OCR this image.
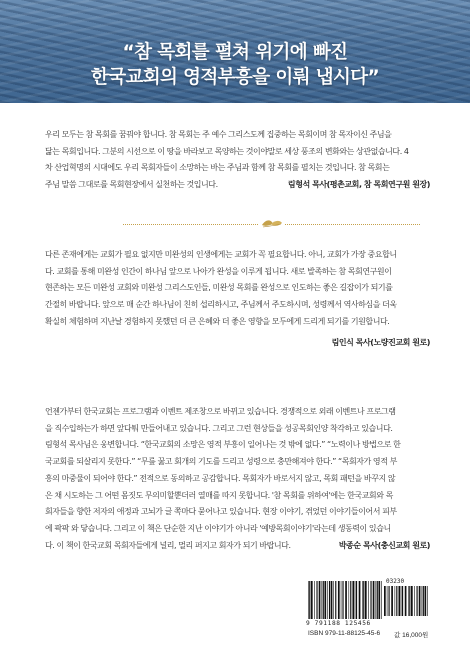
“참 목회를 펼쳐 위기에 빠진
한국교회의 영적부흥을 이뤄 냅시다”
우리 모두는 참 목회를 꿈꿔야 합니다. 참 목회는 주 예수 그리스도께 집중하는 목회이며 참 목자이신 주님을
닮는 목회입니다. 그분의 시선으로 이 땅을 바라보고 목양하는 것이야말로 세상 풍조의 변화와는 상관없습니다. 4
차 산업혁명의 시대에도 우리 목회자들이 소망하는 바는 주님과 함께 참 목회를 펼치는 것입니다. 참 목회는
주님 말씀 그대로를 목회현장에서 실천하는 것입니다.	림형석 목사(평촌교회, 참 목회연구원 원장)
다른 존재에게는 교회가 필요 없지만 미완성의 인생에게는 교회가 꼭 필요합니다. 아니, 교회가 가장 중요합니
다. 교회를 통해 미완성 인간이 하나님 앞으로 나아가 완성을 이루게 됩니다. 새로 발족하는 참 목회연구원이
현존하는 모든 미완성 교회와 미완성 그리스도인들, 미완성 목회를 완성으로 인도하는 좋은 길잡이가 되기를
간절히 바랍니다. 앞으로 매 순간 하나님이 친히 섭리하시고, 주님께서 주도하시며, 성령께서 역사하심을 더욱
확실히 체험하며 지난날 경험하지 못했던 더 큰 은혜와 더 좋은 영향을 모두에게 드리게 되기를 기원합니다.
림인식 목사(노량진교회 원로)
언젠가부터 한국교회는 프로그램과 이벤트 제조창으로 바뀌고 있습니다. 경쟁적으로 외래 이벤트나 프로그램
을 직수입하는가 하면 앞다퉈 만들어내고 있습니다. 그리고 그런 현상들을 성공목회인양 착각하고 있습니다.
림형석 목사님은 웅변합니다. “한국교회의 소망은 영적 부흥이 일어나는 것 밖에 없다.” “노력이나 방법으로 한
국교회를 되살리지 못한다.” “무릎 꿇고 회개의 기도를 드리고 성령으로 충만해져야 한다.” “목회자가 영적 부
흥의 마중물이 되어야 한다.” 전적으로 동의하고 공감합니다. 목회자가 바로서지 않고, 목회 패턴을 바꾸지 않
은 채 시도하는 그 어떤 몸짓도 무의미할뿐더러 열매를 따지 못합니다. '참 목회를 위하여'에는 한국교회와 목
회자들을 향한 저자의 애정과 고뇌가 글 쪽마다 묻어나고 있습니다. 현장 이야기, 겪었던 이야기들이어서 피부
에 팍팍 와 닿습니다. 그리고 이 책은 단순한 지난 이야기가 아니라 '예방목회이야기'라는데 생동력이 있습니
다. 이 책이 한국교회 목회자들에게 널리, 멀리 퍼지고 회자가 되기 바랍니다.	박종순 목사(충신교회 원로)
03230
9 791188 125456
ISBN 979-11-88125-45-6 값 16,000원
